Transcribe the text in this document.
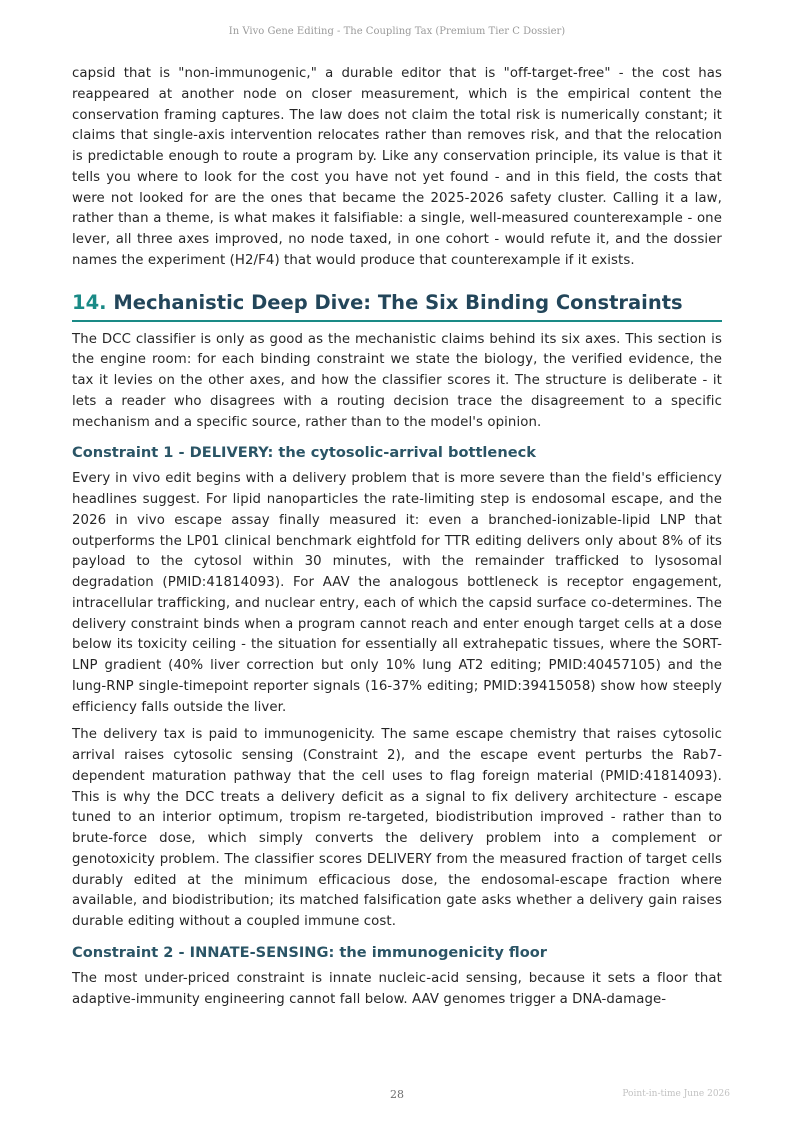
In Vivo Gene Editing - The Coupling Tax (Premium Tier C Dossier)

capsid that is "non-immunogenic," a durable editor that is "off-target-free" - the cost has reappeared at another node on closer measurement, which is the empirical content the conservation framing captures. The law does not claim the total risk is numerically constant; it claims that single-axis intervention relocates rather than removes risk, and that the relocation is predictable enough to route a program by. Like any conservation principle, its value is that it tells you where to look for the cost you have not yet found - and in this field, the costs that were not looked for are the ones that became the 2025-2026 safety cluster. Calling it a law, rather than a theme, is what makes it falsifiable: a single, well-measured counterexample - one lever, all three axes improved, no node taxed, in one cohort - would refute it, and the dossier names the experiment (H2/F4) that would produce that counterexample if it exists.

14. Mechanistic Deep Dive: The Six Binding Constraints

The DCC classifier is only as good as the mechanistic claims behind its six axes. This section is the engine room: for each binding constraint we state the biology, the verified evidence, the tax it levies on the other axes, and how the classifier scores it. The structure is deliberate - it lets a reader who disagrees with a routing decision trace the disagreement to a specific mechanism and a specific source, rather than to the model's opinion.

Constraint 1 - DELIVERY: the cytosolic-arrival bottleneck

Every in vivo edit begins with a delivery problem that is more severe than the field's efficiency headlines suggest. For lipid nanoparticles the rate-limiting step is endosomal escape, and the 2026 in vivo escape assay finally measured it: even a branched-ionizable-lipid LNP that outperforms the LP01 clinical benchmark eightfold for TTR editing delivers only about 8% of its payload to the cytosol within 30 minutes, with the remainder trafficked to lysosomal degradation (PMID:41814093). For AAV the analogous bottleneck is receptor engagement, intracellular trafficking, and nuclear entry, each of which the capsid surface co-determines. The delivery constraint binds when a program cannot reach and enter enough target cells at a dose below its toxicity ceiling - the situation for essentially all extrahepatic tissues, where the SORT-LNP gradient (40% liver correction but only 10% lung AT2 editing; PMID:40457105) and the lung-RNP single-timepoint reporter signals (16-37% editing; PMID:39415058) show how steeply efficiency falls outside the liver.

The delivery tax is paid to immunogenicity. The same escape chemistry that raises cytosolic arrival raises cytosolic sensing (Constraint 2), and the escape event perturbs the Rab7-dependent maturation pathway that the cell uses to flag foreign material (PMID:41814093). This is why the DCC treats a delivery deficit as a signal to fix delivery architecture - escape tuned to an interior optimum, tropism re-targeted, biodistribution improved - rather than to brute-force dose, which simply converts the delivery problem into a complement or genotoxicity problem. The classifier scores DELIVERY from the measured fraction of target cells durably edited at the minimum efficacious dose, the endosomal-escape fraction where available, and biodistribution; its matched falsification gate asks whether a delivery gain raises durable editing without a coupled immune cost.

Constraint 2 - INNATE-SENSING: the immunogenicity floor

The most under-priced constraint is innate nucleic-acid sensing, because it sets a floor that adaptive-immunity engineering cannot fall below. AAV genomes trigger a DNA-damage-

28	Point-in-time June 2026
